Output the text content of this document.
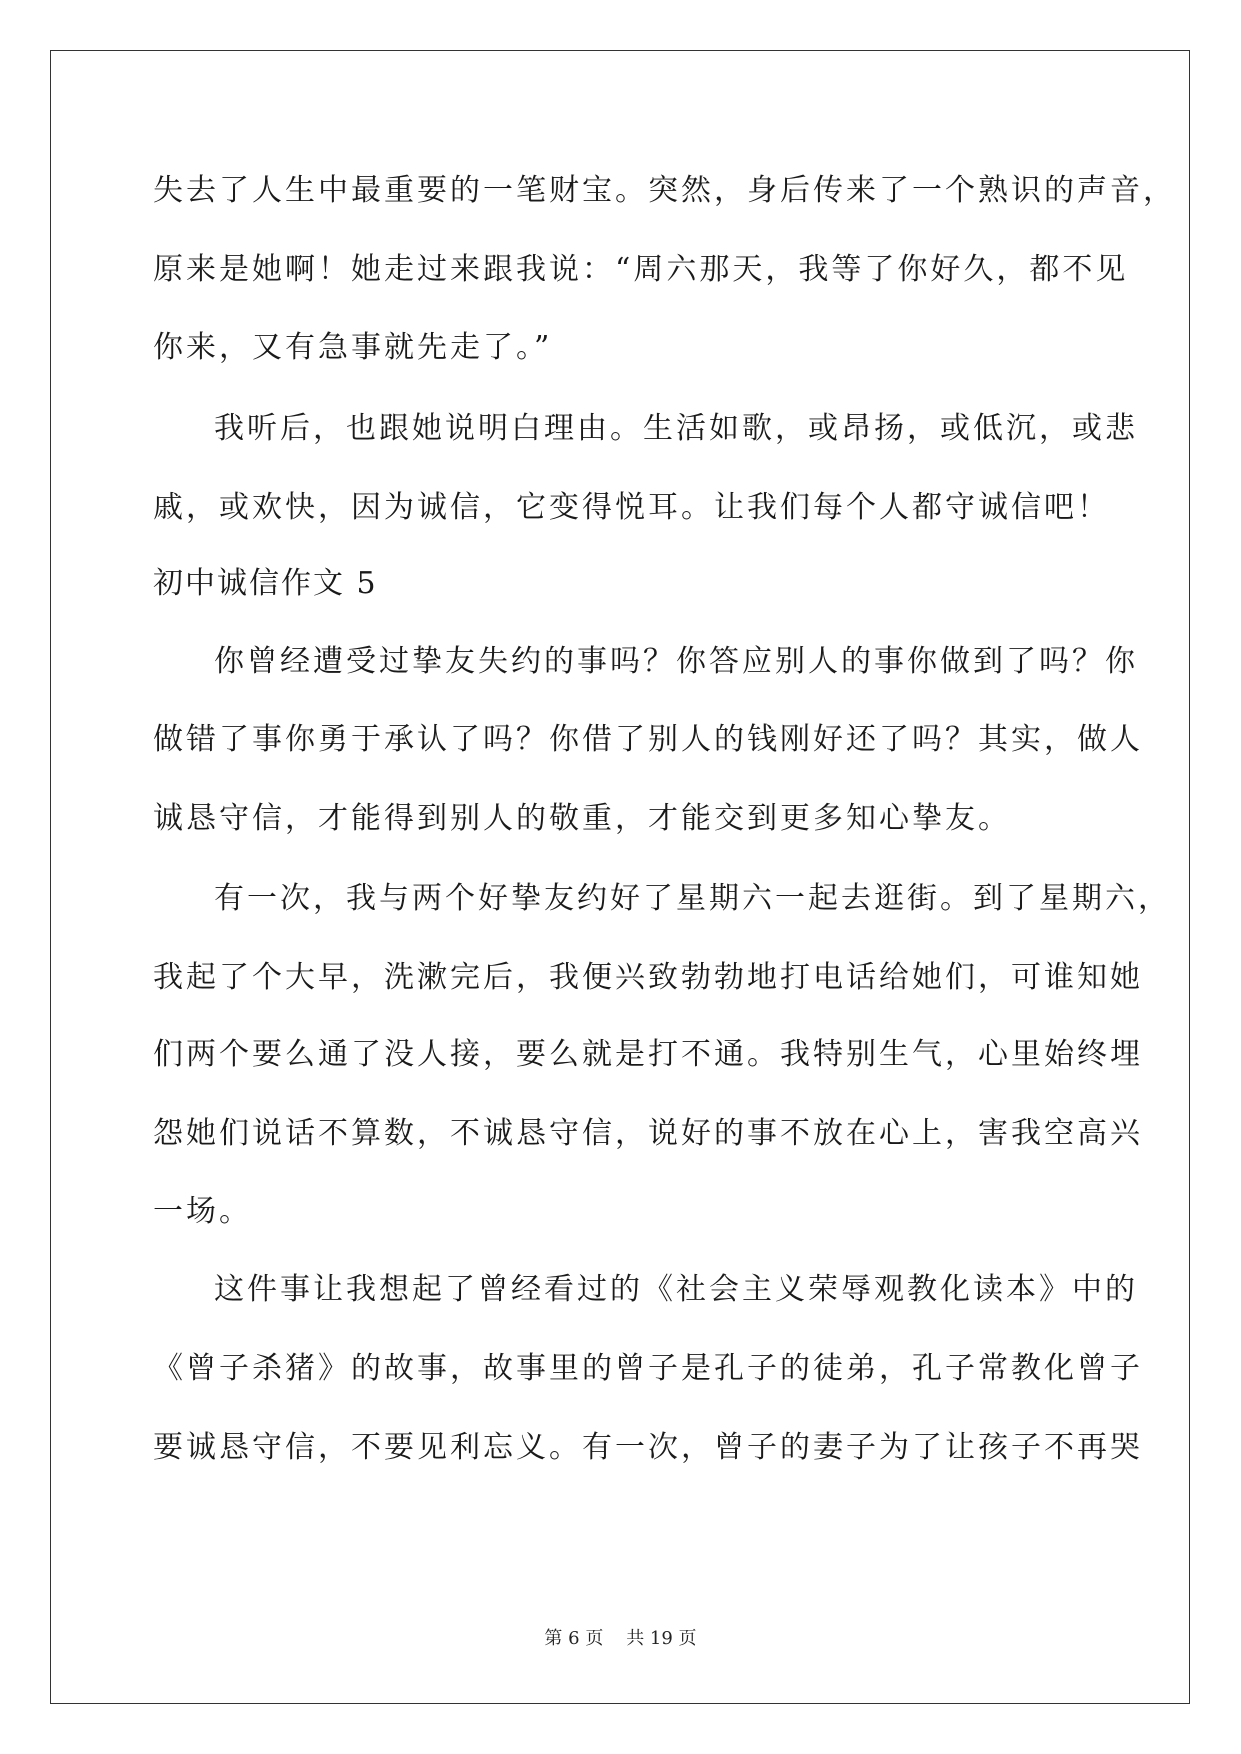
失去了人生中最重要的一笔财宝。突然，身后传来了一个熟识的声音，
原来是她啊！她走过来跟我说：“周六那天，我等了你好久，都不见
你来，又有急事就先走了。”
我听后，也跟她说明白理由。生活如歌，或昂扬，或低沉，或悲
戚，或欢快，因为诚信，它变得悦耳。让我们每个人都守诚信吧！
初中诚信作文 5
你曾经遭受过挚友失约的事吗？你答应别人的事你做到了吗？你
做错了事你勇于承认了吗？你借了别人的钱刚好还了吗？其实，做人
诚恳守信，才能得到别人的敬重，才能交到更多知心挚友。
有一次，我与两个好挚友约好了星期六一起去逛街。到了星期六，
我起了个大早，洗漱完后，我便兴致勃勃地打电话给她们，可谁知她
们两个要么通了没人接，要么就是打不通。我特别生气，心里始终埋
怨她们说话不算数，不诚恳守信，说好的事不放在心上，害我空高兴
一场。
这件事让我想起了曾经看过的《社会主义荣辱观教化读本》中的
《曾子杀猪》的故事，故事里的曾子是孔子的徒弟，孔子常教化曾子
要诚恳守信，不要见利忘义。有一次，曾子的妻子为了让孩子不再哭
第 6 页    共 19 页
